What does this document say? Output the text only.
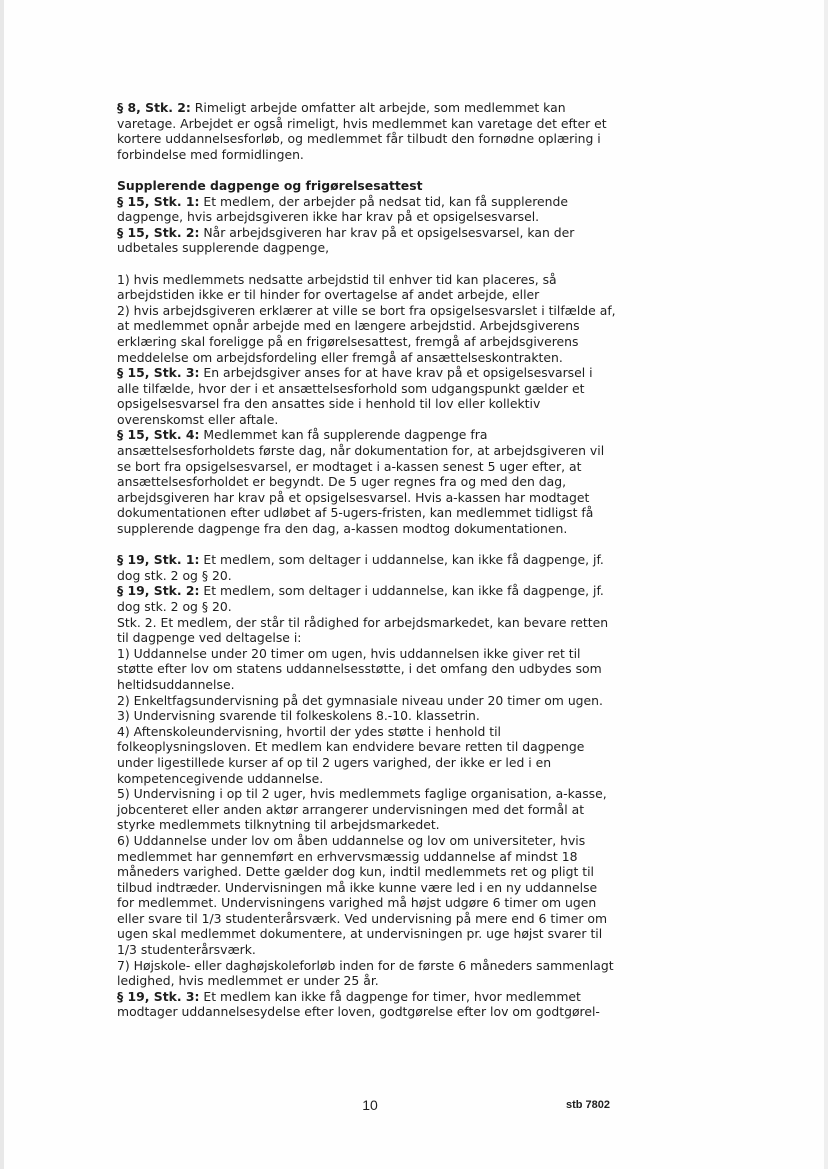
§ 8, Stk. 2: Rimeligt arbejde omfatter alt arbejde, som medlemmet kan varetage. Arbejdet er også rimeligt, hvis medlemmet kan varetage det efter et kortere uddannelsesforløb, og medlemmet får tilbudt den fornødne oplæring i forbindelse med formidlingen.

Supplerende dagpenge og frigørelsesattest

§ 15, Stk. 1: Et medlem, der arbejder på nedsat tid, kan få supplerende dagpenge, hvis arbejdsgiveren ikke har krav på et opsigelsesvarsel.

§ 15, Stk. 2: Når arbejdsgiveren har krav på et opsigelsesvarsel, kan der udbetales supplerende dagpenge,

1) hvis medlemmets nedsatte arbejdstid til enhver tid kan placeres, så arbejdstiden ikke er til hinder for overtagelse af andet arbejde, eller

2) hvis arbejdsgiveren erklærer at ville se bort fra opsigelsesvarslet i tilfælde af, at medlemmet opnår arbejde med en længere arbejdstid. Arbejdsgiverens erklæring skal foreligge på en frigørelsesattest, fremgå af arbejdsgiverens meddelelse om arbejdsfordeling eller fremgå af ansættelseskontrakten.

§ 15, Stk. 3: En arbejdsgiver anses for at have krav på et opsigelsesvarsel i alle tilfælde, hvor der i et ansættelsesforhold som udgangspunkt gælder et opsigelsesvarsel fra den ansattes side i henhold til lov eller kollektiv overenskomst eller aftale.

§ 15, Stk. 4: Medlemmet kan få supplerende dagpenge fra ansættelsesforholdets første dag, når dokumentation for, at arbejdsgiveren vil se bort fra opsigelsesvarsel, er modtaget i a-kassen senest 5 uger efter, at ansættelsesforholdet er begyndt. De 5 uger regnes fra og med den dag, arbejdsgiveren har krav på et opsigelsesvarsel. Hvis a-kassen har modtaget dokumentationen efter udløbet af 5-ugers-fristen, kan medlemmet tidligst få supplerende dagpenge fra den dag, a-kassen modtog dokumentationen.

§ 19, Stk. 1: Et medlem, som deltager i uddannelse, kan ikke få dagpenge, jf. dog stk. 2 og § 20.

§ 19, Stk. 2: Et medlem, som deltager i uddannelse, kan ikke få dagpenge, jf. dog stk. 2 og § 20.

Stk. 2. Et medlem, der står til rådighed for arbejdsmarkedet, kan bevare retten til dagpenge ved deltagelse i:

1) Uddannelse under 20 timer om ugen, hvis uddannelsen ikke giver ret til støtte efter lov om statens uddannelsesstøtte, i det omfang den udbydes som heltidsuddannelse.

2) Enkeltfagsundervisning på det gymnasiale niveau under 20 timer om ugen.

3) Undervisning svarende til folkeskolens 8.-10. klassetrin.

4) Aftenskoleundervisning, hvortil der ydes støtte i henhold til folkeoplysningsloven. Et medlem kan endvidere bevare retten til dagpenge under ligestillede kurser af op til 2 ugers varighed, der ikke er led i en kompetencegivende uddannelse.

5) Undervisning i op til 2 uger, hvis medlemmets faglige organisation, a-kasse, jobcenteret eller anden aktør arrangerer undervisningen med det formål at styrke medlemmets tilknytning til arbejdsmarkedet.

6) Uddannelse under lov om åben uddannelse og lov om universiteter, hvis medlemmet har gennemført en erhvervsmæssig uddannelse af mindst 18 måneders varighed. Dette gælder dog kun, indtil medlemmets ret og pligt til tilbud indtræder. Undervisningen må ikke kunne være led i en ny uddannelse for medlemmet. Undervisningens varighed må højst udgøre 6 timer om ugen eller svare til 1/3 studenterårsværk. Ved undervisning på mere end 6 timer om ugen skal medlemmet dokumentere, at undervisningen pr. uge højst svarer til 1/3 studenterårsværk.

7) Højskole- eller daghøjskoleforløb inden for de første 6 måneders sammenlagt ledighed, hvis medlemmet er under 25 år.

§ 19, Stk. 3: Et medlem kan ikke få dagpenge for timer, hvor medlemmet modtager uddannelsesydelse efter loven, godtgørelse efter lov om godtgørel-

10	stb 7802
